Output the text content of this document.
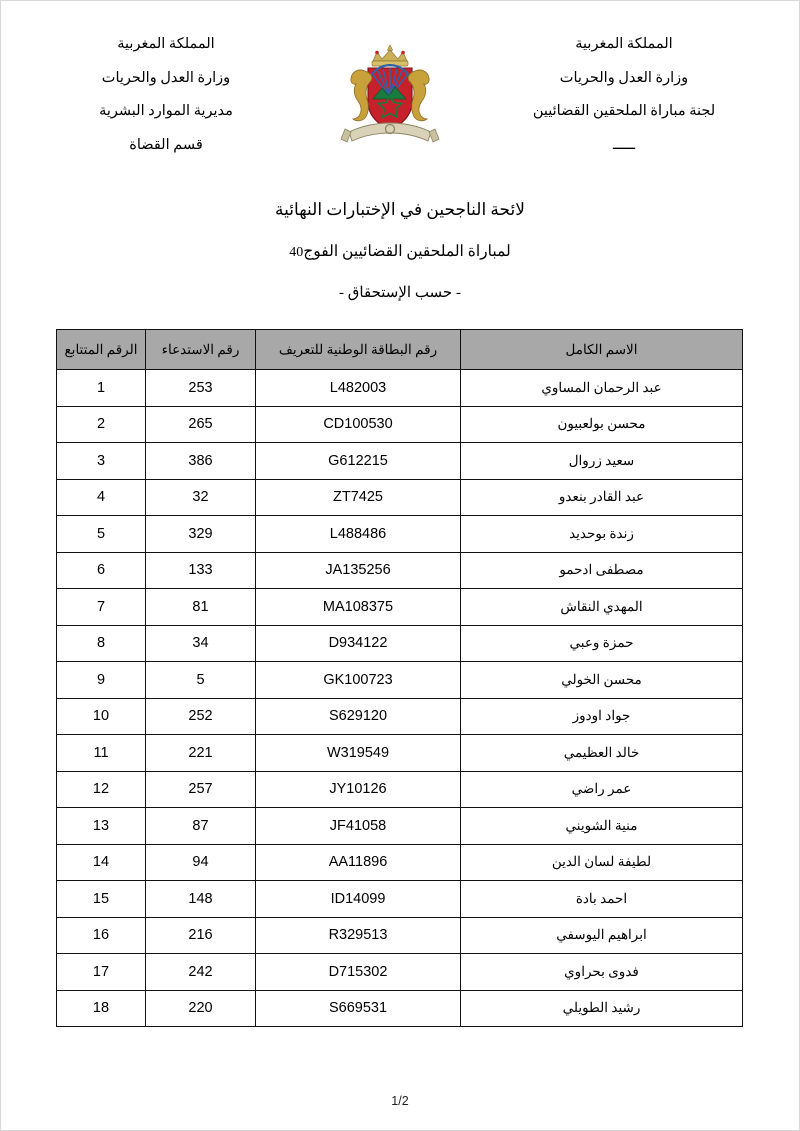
المملكة المغربية
وزارة العدل والحريات
مديرية الموارد البشرية
قسم القضاة
المملكة المغربية
وزارة العدل والحريات
لجنة مباراة الملحقين القضائيين
ـــــ
لائحة الناجحين في الإختبارات النهائية
لمباراة الملحقين القضائيين الفوج40
- حسب الإستحقاق -
الاسم الكامل	رقم البطاقة الوطنية للتعريف	رقم الاستدعاء	الرقم المتتابع
عبد الرحمان المساوي	L482003	253	1
محسن بولعبيون	CD100530	265	2
سعيد زروال	G612215	386	3
عبد القادر بنعدو	ZT7425	32	4
زندة بوحديد	L488486	329	5
مصطفى ادحمو	JA135256	133	6
المهدي النقاش	MA108375	81	7
حمزة وعبي	D934122	34	8
محسن الخولي	GK100723	5	9
جواد اودوز	S629120	252	10
خالد العظيمي	W319549	221	11
عمر راضي	JY10126	257	12
منية الشويني	JF41058	87	13
لطيفة لسان الدين	AA11896	94	14
احمد بادة	ID14099	148	15
ابراهيم اليوسفي	R329513	216	16
فدوى بحراوي	D715302	242	17
رشيد الطويلي	S669531	220	18
1/2
